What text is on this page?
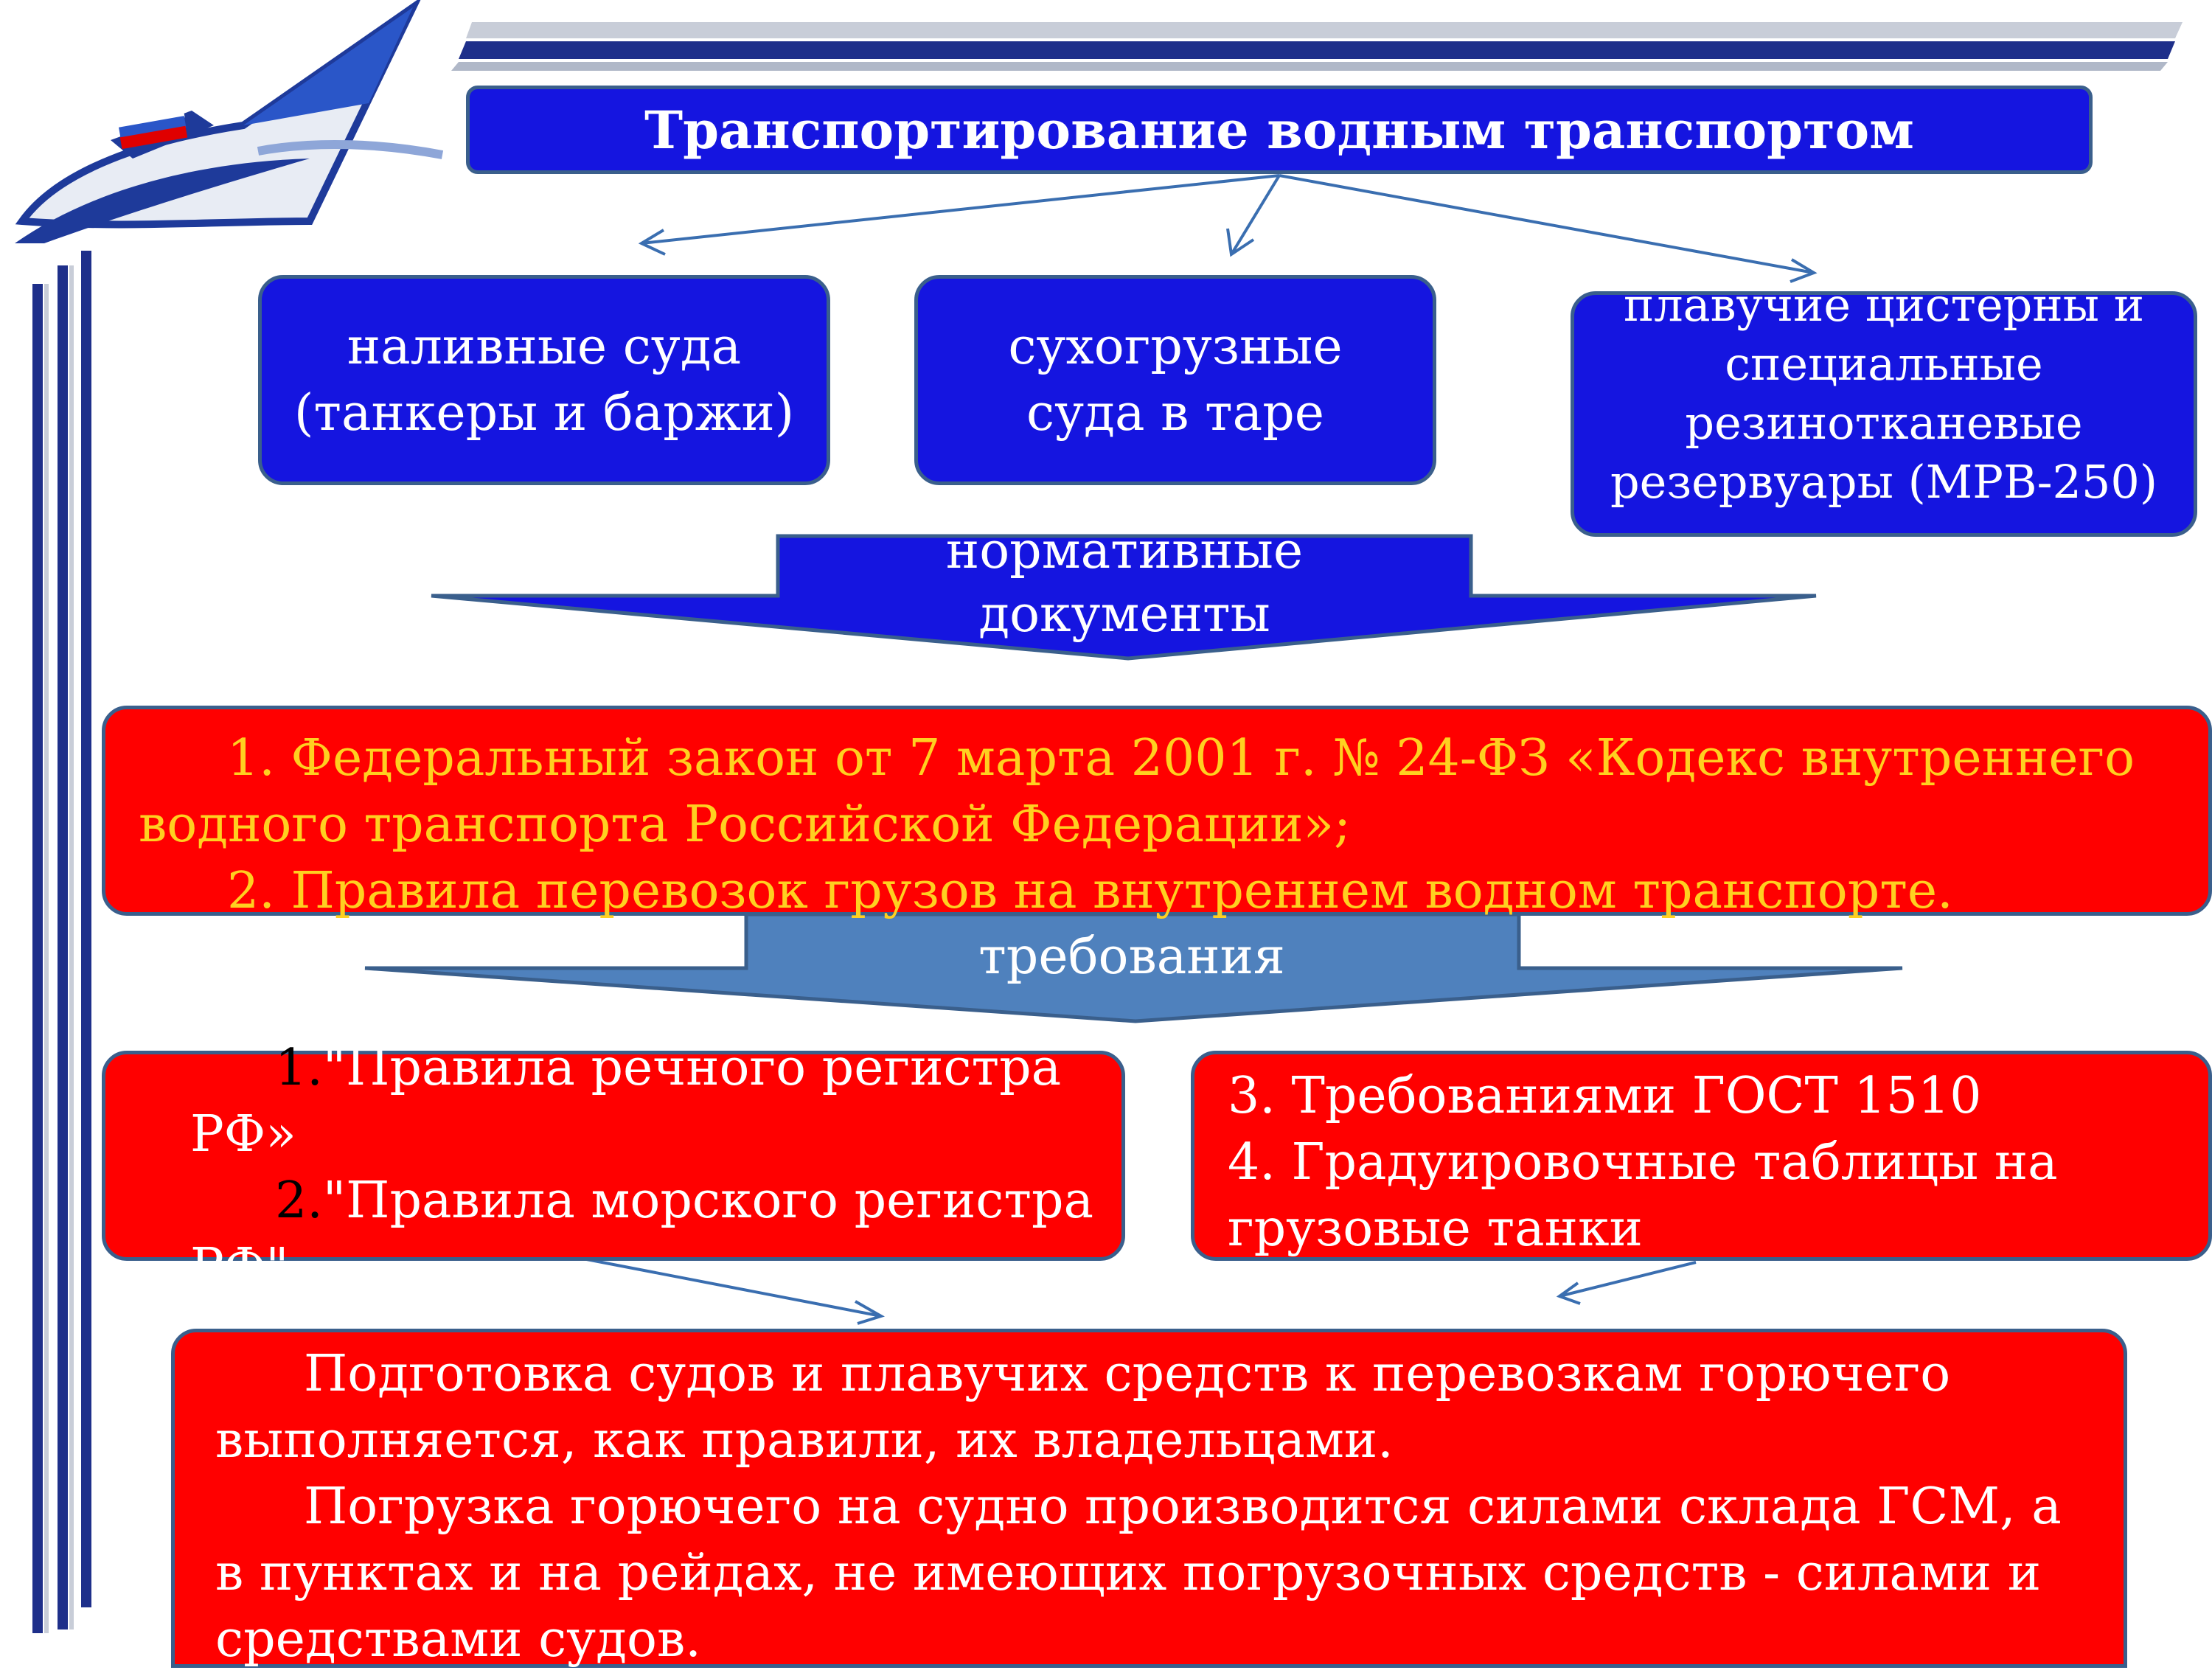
Транспортирование водным транспортом
наливные суда (танкеры и баржи)
сухогрузные суда в таре
плавучие цистерны и специальные резинотканевые резервуары (МРВ-250)
нормативные документы
1. Федеральный закон от 7 марта 2001 г. № 24-ФЗ «Кодекс внутреннего водного транспорта Российской Федерации»;
2. Правила перевозок грузов на внутреннем водном транспорте.
требования
1."Правила речного регистра РФ»
2."Правила морского регистра РФ"
3. Требованиями ГОСТ 1510
4. Градуировочные таблицы на грузовые танки
Подготовка судов и плавучих средств к перевозкам горючего выполняется, как правили, их владельцами.
Погрузка горючего на судно производится силами склада ГСМ, а в пунктах и на рейдах, не имеющих погрузочных средств - силами и средствами судов.
